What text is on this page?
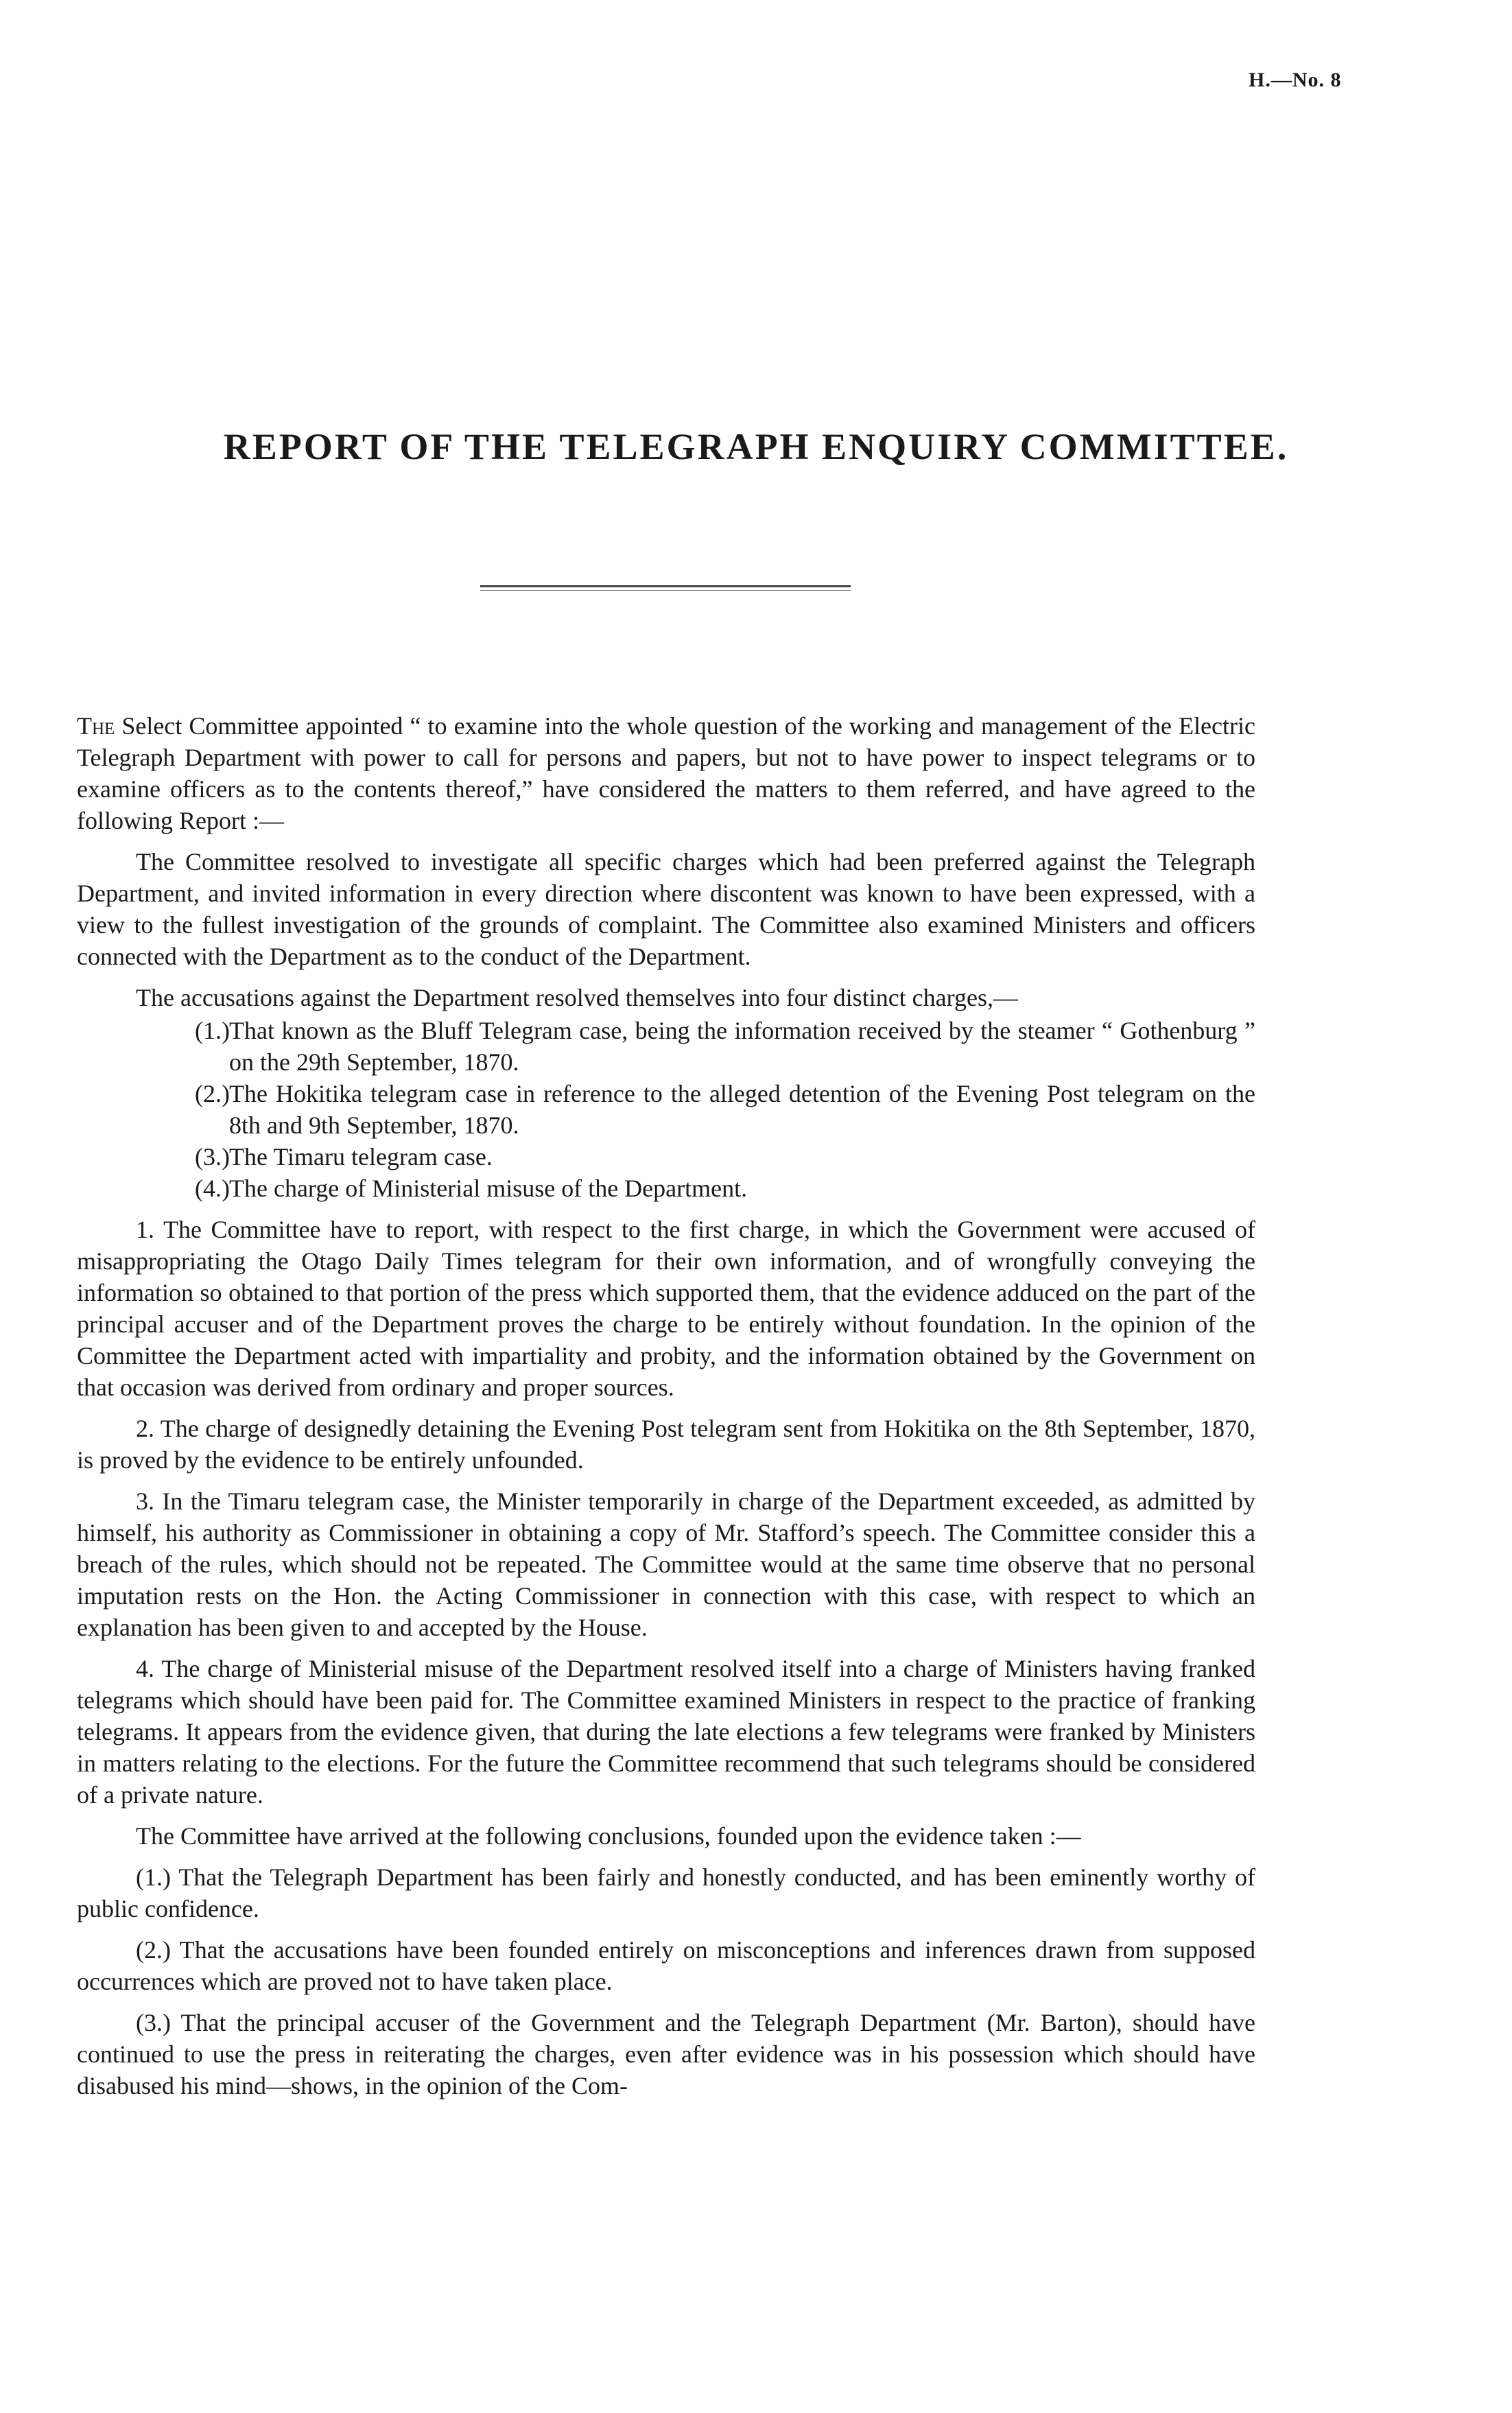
H.—No. 8
REPORT OF THE TELEGRAPH ENQUIRY COMMITTEE.

The Select Committee appointed “ to examine into the whole question of the working and management of the Electric Telegraph Department with power to call for persons and papers, but not to have power to inspect telegrams or to examine officers as to the contents thereof,” have considered the matters to them referred, and have agreed to the following Report :—

The Committee resolved to investigate all specific charges which had been preferred against the Telegraph Department, and invited information in every direction where discontent was known to have been expressed, with a view to the fullest investigation of the grounds of complaint. The Committee also examined Ministers and officers connected with the Department as to the conduct of the Department.

The accusations against the Department resolved themselves into four distinct charges,—

(1.) That known as the Bluff Telegram case, being the information received by the steamer “ Gothenburg ” on the 29th September, 1870.
(2.) The Hokitika telegram case in reference to the alleged detention of the Evening Post telegram on the 8th and 9th September, 1870.
(3.) The Timaru telegram case.
(4.) The charge of Ministerial misuse of the Department.

1. The Committee have to report, with respect to the first charge, in which the Government were accused of misappropriating the Otago Daily Times telegram for their own information, and of wrongfully conveying the information so obtained to that portion of the press which supported them, that the evidence adduced on the part of the principal accuser and of the Department proves the charge to be entirely without foundation. In the opinion of the Committee the Department acted with impartiality and probity, and the information obtained by the Government on that occasion was derived from ordinary and proper sources.

2. The charge of designedly detaining the Evening Post telegram sent from Hokitika on the 8th September, 1870, is proved by the evidence to be entirely unfounded.

3. In the Timaru telegram case, the Minister temporarily in charge of the Department exceeded, as admitted by himself, his authority as Commissioner in obtaining a copy of Mr. Stafford’s speech. The Committee consider this a breach of the rules, which should not be repeated. The Committee would at the same time observe that no personal imputation rests on the Hon. the Acting Commissioner in connection with this case, with respect to which an explanation has been given to and accepted by the House.

4. The charge of Ministerial misuse of the Department resolved itself into a charge of Ministers having franked telegrams which should have been paid for. The Committee examined Ministers in respect to the practice of franking telegrams. It appears from the evidence given, that during the late elections a few telegrams were franked by Ministers in matters relating to the elections. For the future the Committee recommend that such telegrams should be considered of a private nature.

The Committee have arrived at the following conclusions, founded upon the evidence taken :—

(1.) That the Telegraph Department has been fairly and honestly conducted, and has been eminently worthy of public confidence.

(2.) That the accusations have been founded entirely on misconceptions and inferences drawn from supposed occurrences which are proved not to have taken place.

(3.) That the principal accuser of the Government and the Telegraph Department (Mr. Barton), should have continued to use the press in reiterating the charges, even after evidence was in his possession which should have disabused his mind—shows, in the opinion of the Com-
